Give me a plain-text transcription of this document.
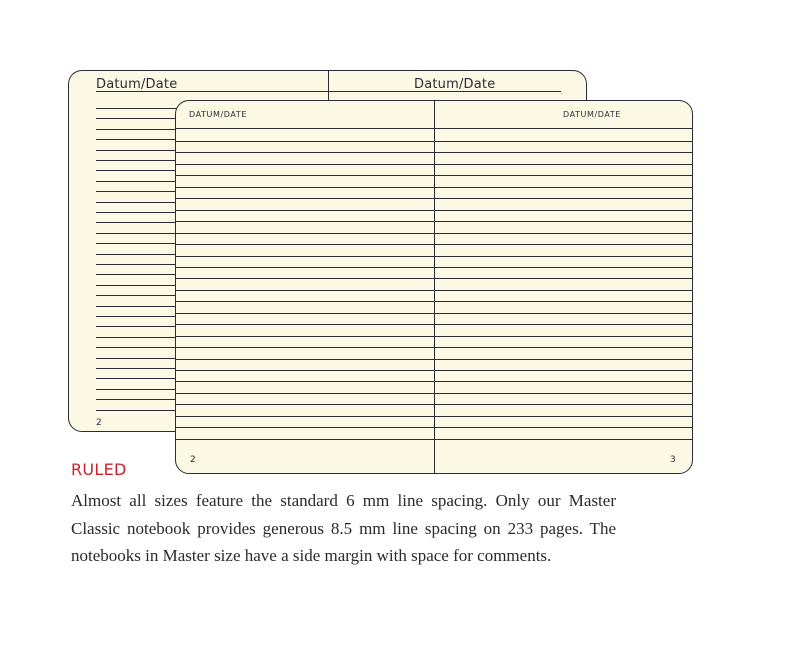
Datum/Date	Datum/Date
2
DATUM/DATE	DATUM/DATE
2	3
RULED

Almost all sizes feature the standard 6 mm line spacing. Only our Master Classic notebook provides generous 8.5 mm line spacing on 233 pages. The notebooks in Master size have a side margin with space for comments.
